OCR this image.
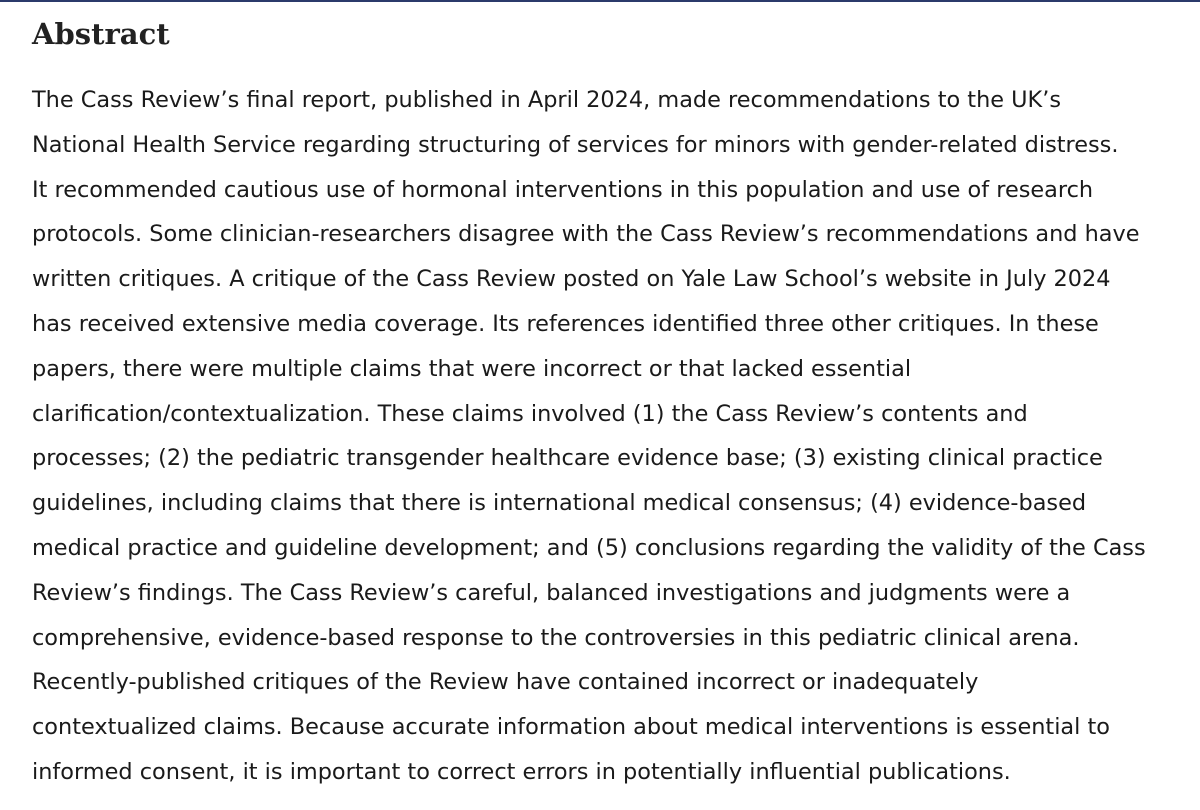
Abstract

The Cass Review’s final report, published in April 2024, made recommendations to the UK’s
National Health Service regarding structuring of services for minors with gender-related distress.
It recommended cautious use of hormonal interventions in this population and use of research
protocols. Some clinician-researchers disagree with the Cass Review’s recommendations and have
written critiques. A critique of the Cass Review posted on Yale Law School’s website in July 2024
has received extensive media coverage. Its references identified three other critiques. In these
papers, there were multiple claims that were incorrect or that lacked essential
clarification/contextualization. These claims involved (1) the Cass Review’s contents and
processes; (2) the pediatric transgender healthcare evidence base; (3) existing clinical practice
guidelines, including claims that there is international medical consensus; (4) evidence-based
medical practice and guideline development; and (5) conclusions regarding the validity of the Cass
Review’s findings. The Cass Review’s careful, balanced investigations and judgments were a
comprehensive, evidence-based response to the controversies in this pediatric clinical arena.
Recently-published critiques of the Review have contained incorrect or inadequately
contextualized claims. Because accurate information about medical interventions is essential to
informed consent, it is important to correct errors in potentially influential publications.
